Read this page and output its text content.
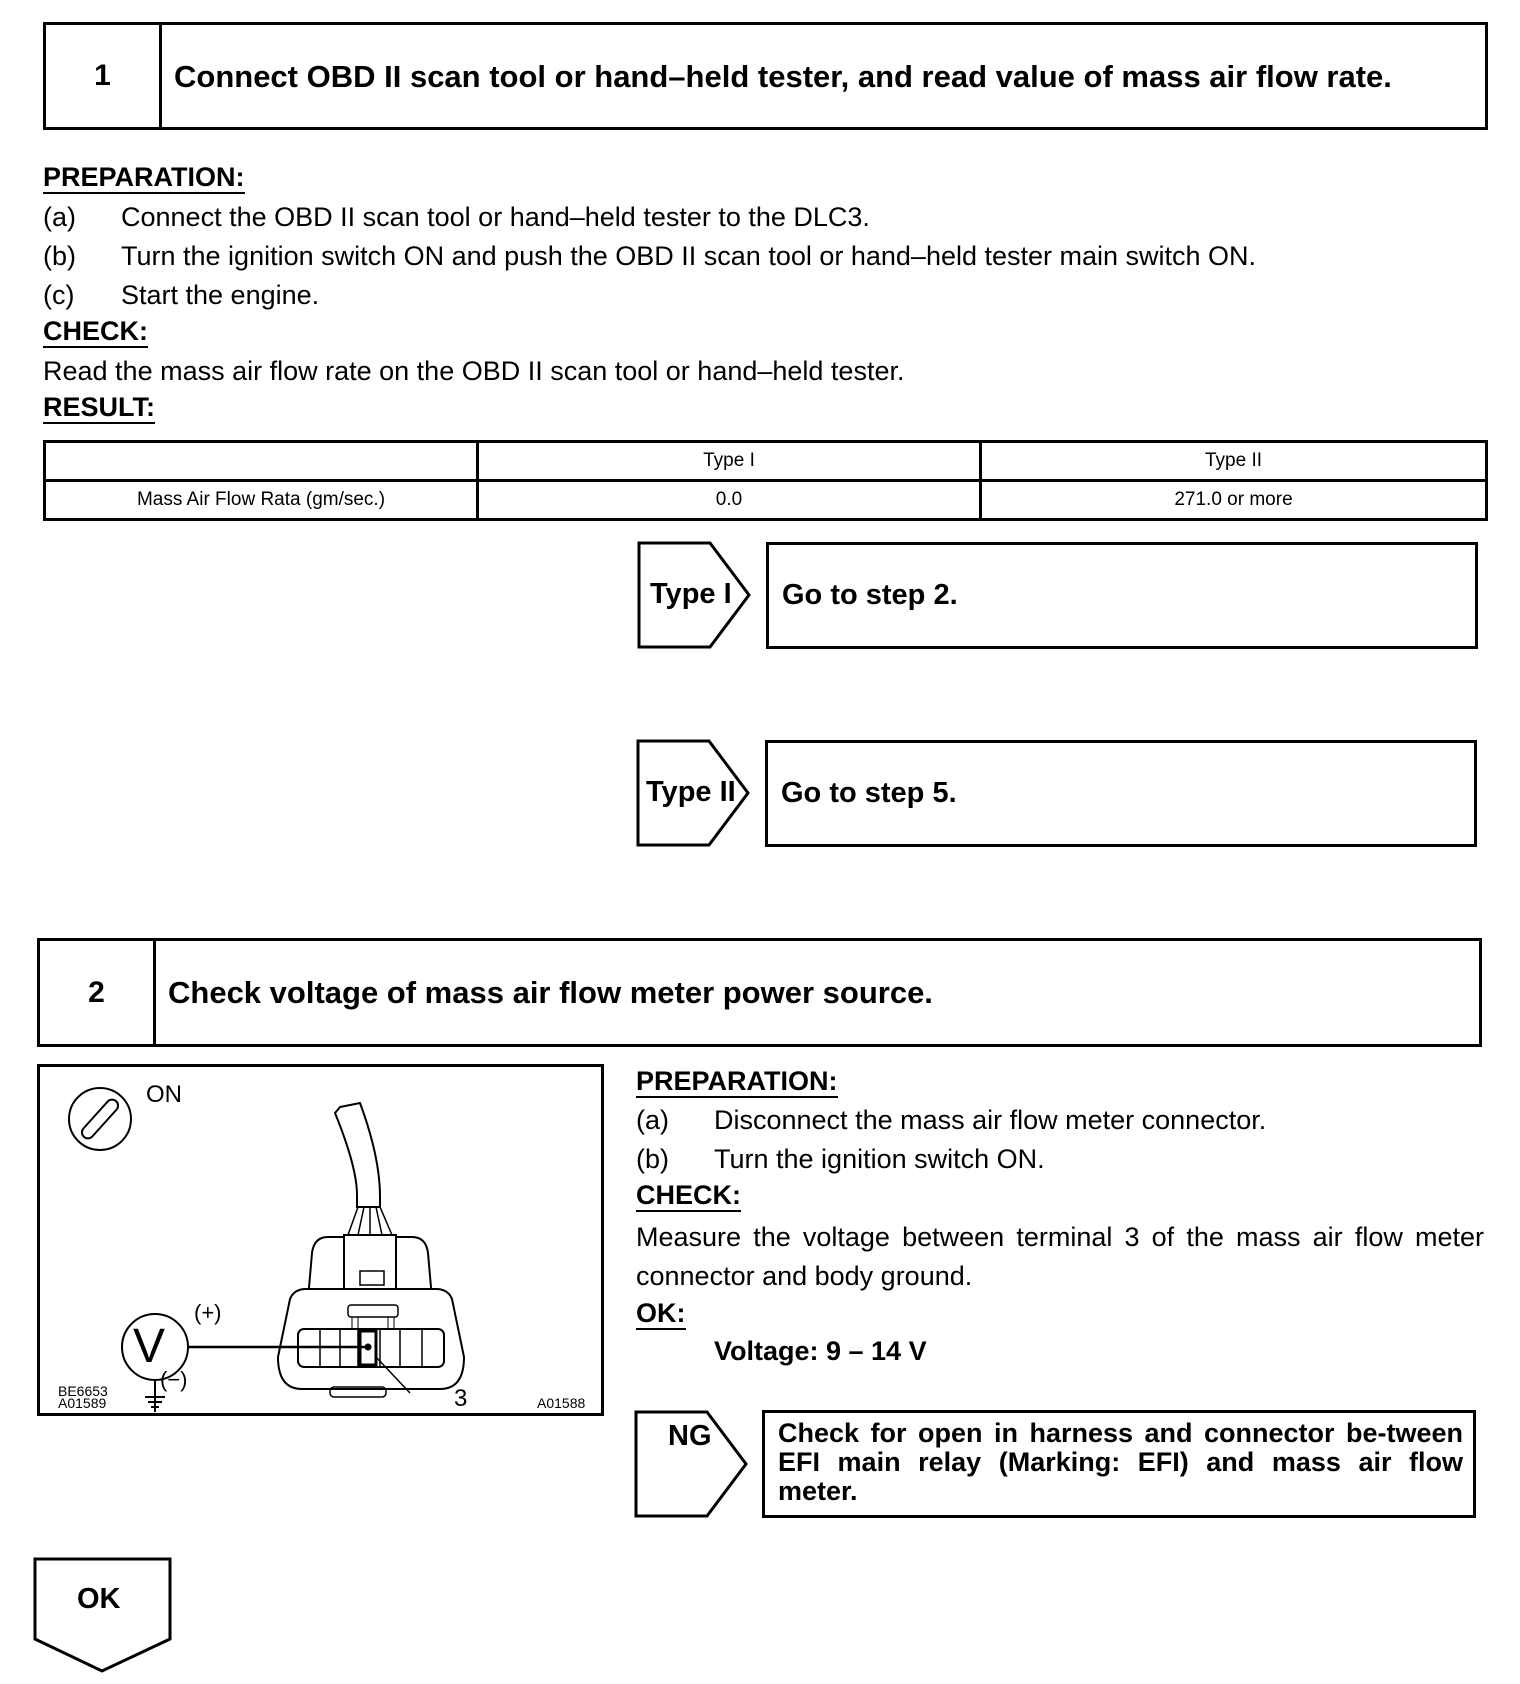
1	Connect OBD II scan tool or hand–held tester, and read value of mass air flow rate.
PREPARATION:
(a)	Connect the OBD II scan tool or hand–held tester to the DLC3.
(b)	Turn the ignition switch ON and push the OBD II scan tool or hand–held tester main switch ON.
(c)	Start the engine.
CHECK:
Read the mass air flow rate on the OBD II scan tool or hand–held tester.
RESULT:
	Type I	Type II
Mass Air Flow Rata (gm/sec.)	0.0	271.0 or more
Type I	Go to step 2.
Type II	Go to step 5.
2	Check voltage of mass air flow meter power source.
ON
V
(+)
(−)
3
BE6653
A01589	A01588
PREPARATION:
(a)	Disconnect the mass air flow meter connector.
(b)	Turn the ignition switch ON.
CHECK:
Measure the voltage between terminal 3 of the mass air flow meter connector and body ground.
OK:
Voltage: 9 – 14 V
NG Check for open in harness and connector be-tween EFI main relay (Marking: EFI) and mass air flow meter.
OK
